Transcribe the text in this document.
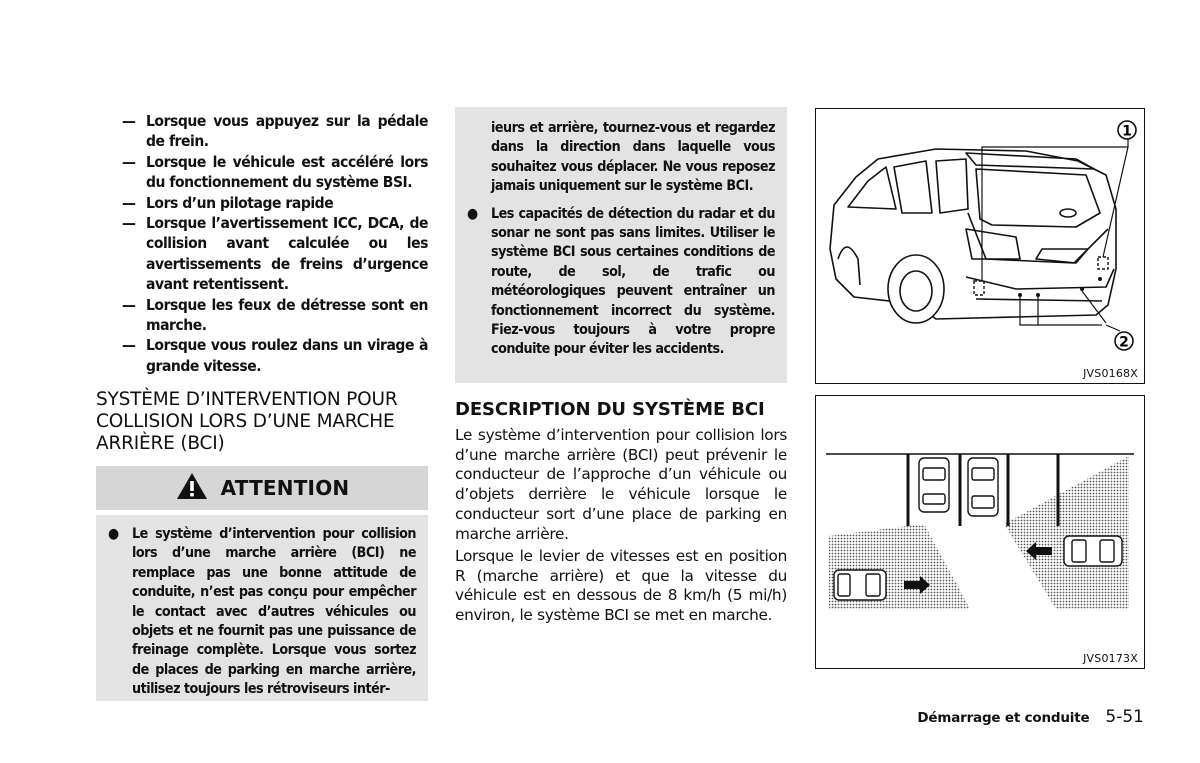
— Lorsque vous appuyez sur la pédale de frein.
— Lorsque le véhicule est accéléré lors du fonctionnement du système BSI.
— Lors d’un pilotage rapide
— Lorsque l’avertissement ICC, DCA, de collision avant calculée ou les avertissements de freins d’urgence avant retentissent.
— Lorsque les feux de détresse sont en marche.
— Lorsque vous roulez dans un virage à grande vitesse.
SYSTÈME D’INTERVENTION POUR COLLISION LORS D’UNE MARCHE ARRIÈRE (BCI)
ATTENTION
● Le système d’intervention pour collision lors d’une marche arrière (BCI) ne remplace pas une bonne attitude de conduite, n’est pas conçu pour empêcher le contact avec d’autres véhicules ou objets et ne fournit pas une puissance de freinage complète. Lorsque vous sortez de places de parking en marche arrière, utilisez toujours les rétroviseurs intér-
ieurs et arrière, tournez-vous et regardez dans la direction dans laquelle vous souhaitez vous déplacer. Ne vous reposez jamais uniquement sur le système BCI.
● Les capacités de détection du radar et du sonar ne sont pas sans limites. Utiliser le système BCI sous certaines conditions de route, de sol, de trafic ou météorologiques peuvent entraîner un fonctionnement incorrect du système. Fiez-vous toujours à votre propre conduite pour éviter les accidents.
DESCRIPTION DU SYSTÈME BCI

Le système d’intervention pour collision lors d’une marche arrière (BCI) peut prévenir le conducteur de l’approche d’un véhicule ou d’objets derrière le véhicule lorsque le conducteur sort d’une place de parking en marche arrière.

Lorsque le levier de vitesses est en position R (marche arrière) et que la vitesse du véhicule est en dessous de 8 km/h (5 mi/h) environ, le système BCI se met en marche.

1
2
JVS0168X
JVS0173X
Démarrage et conduite 5-51
